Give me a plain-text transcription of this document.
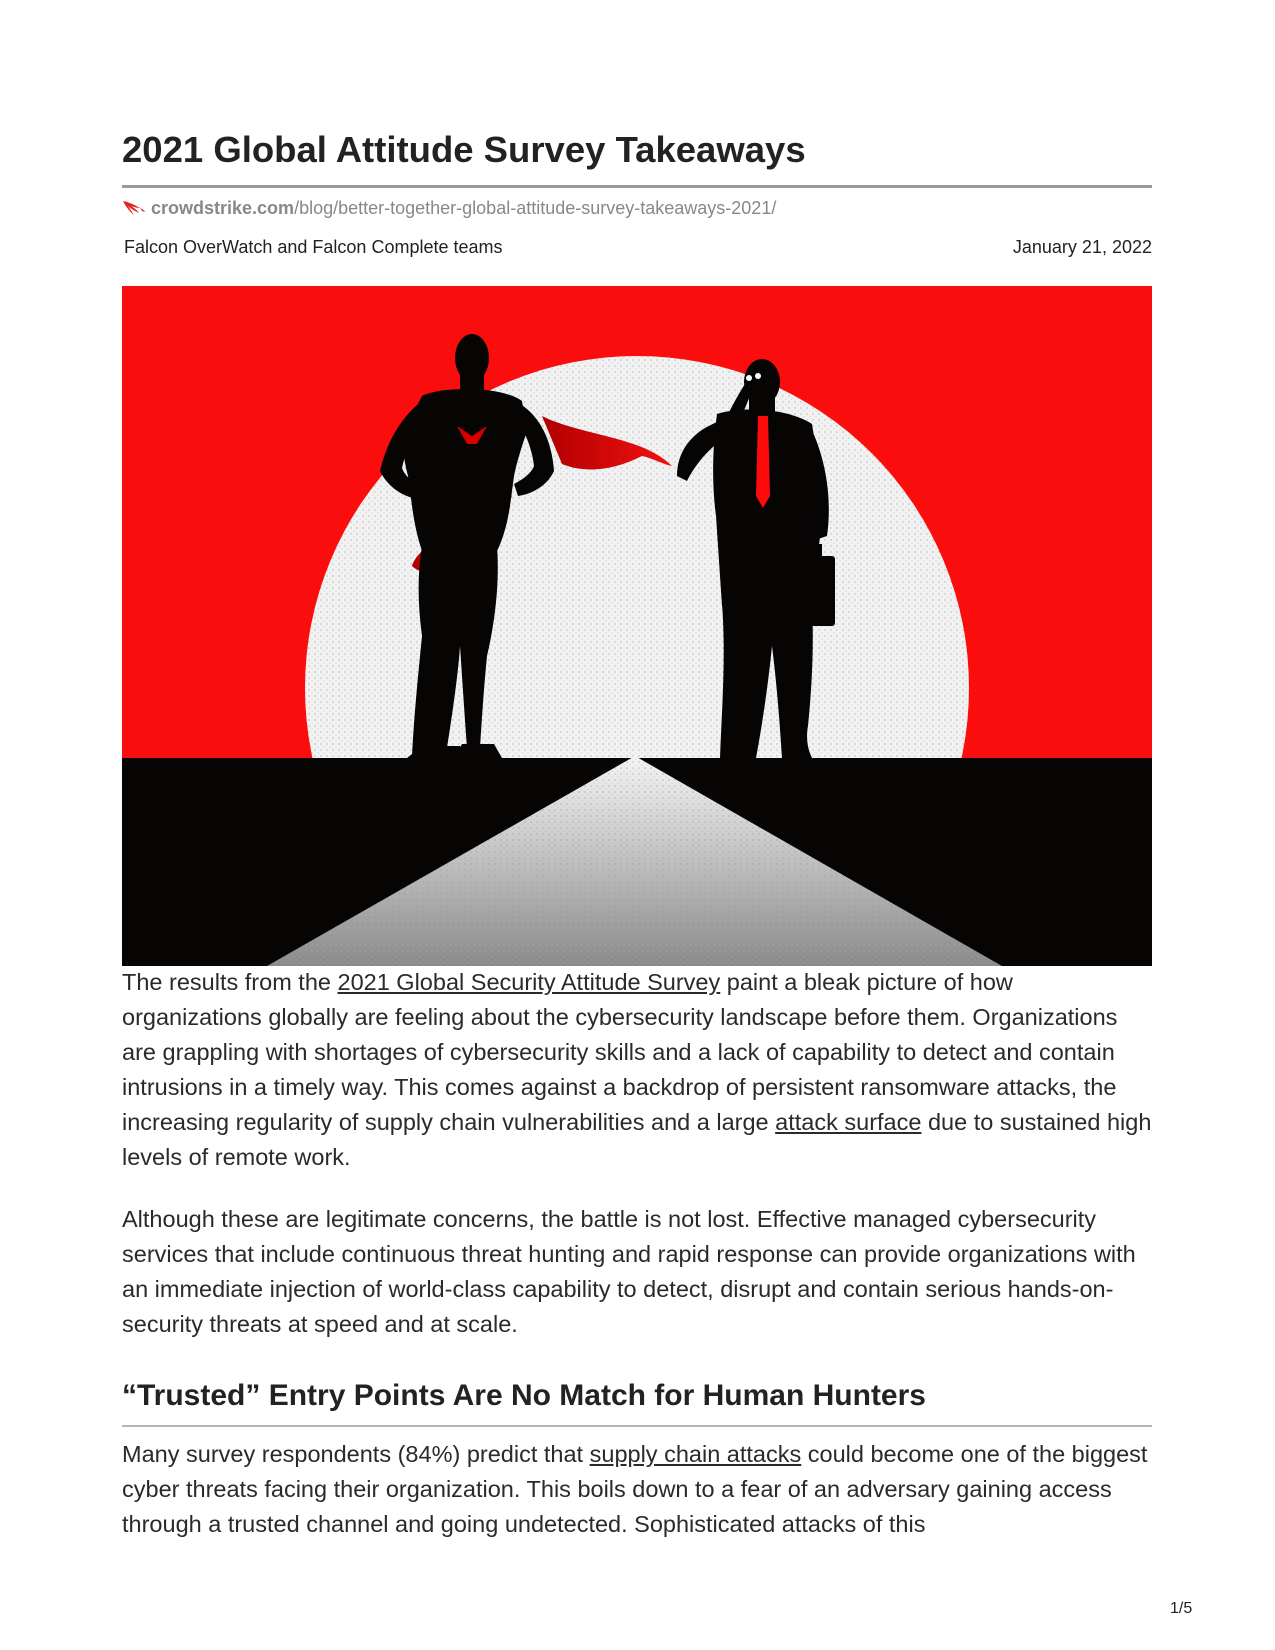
2021 Global Attitude Survey Takeaways
crowdstrike.com/blog/better-together-global-attitude-survey-takeaways-2021/
Falcon OverWatch and Falcon Complete teams	January 21, 2022

The results from the 2021 Global Security Attitude Survey paint a bleak picture of how organizations globally are feeling about the cybersecurity landscape before them. Organizations are grappling with shortages of cybersecurity skills and a lack of capability to detect and contain intrusions in a timely way. This comes against a backdrop of persistent ransomware attacks, the increasing regularity of supply chain vulnerabilities and a large attack surface due to sustained high levels of remote work.

Although these are legitimate concerns, the battle is not lost. Effective managed cybersecurity services that include continuous threat hunting and rapid response can provide organizations with an immediate injection of world-class capability to detect, disrupt and contain serious hands-on-security threats at speed and at scale.

“Trusted” Entry Points Are No Match for Human Hunters

Many survey respondents (84%) predict that supply chain attacks could become one of the biggest cyber threats facing their organization. This boils down to a fear of an adversary gaining access through a trusted channel and going undetected. Sophisticated attacks of this

1/5
